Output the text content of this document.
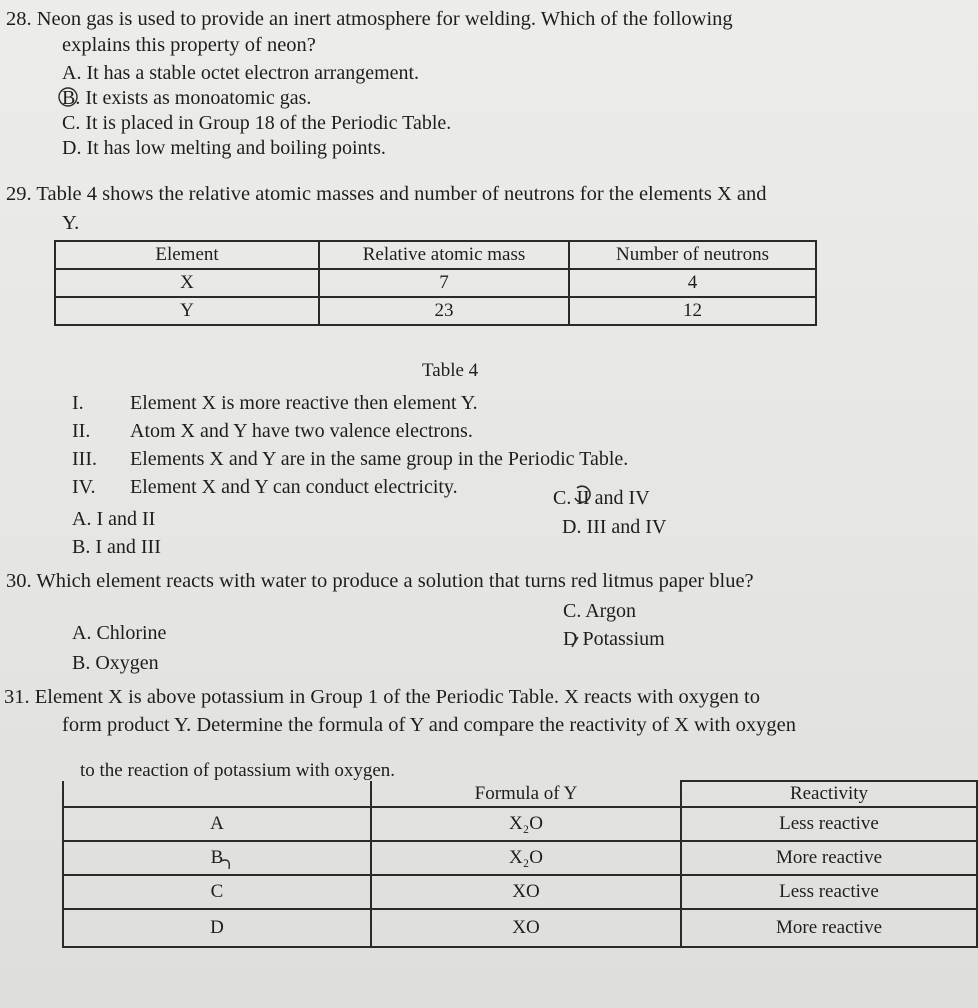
28. Neon gas is used to provide an inert atmosphere for welding. Which of the following
explains this property of neon?
A. It has a stable octet electron arrangement.
B. It exists as monoatomic gas.
C. It is placed in Group 18 of the Periodic Table.
D. It has low melting and boiling points.
29. Table 4 shows the relative atomic masses and number of neutrons for the elements X and
Y.
Element	Relative atomic mass	Number of neutrons
X	7	4
Y	23	12
Table 4
I. Element X is more reactive then element Y.
II. Atom X and Y have two valence electrons.
III. Elements X and Y are in the same group in the Periodic Table.
IV. Element X and Y can conduct electricity.
A. I and II
C. II and IV
B. I and III
D. III and IV
30. Which element reacts with water to produce a solution that turns red litmus paper blue?
C. Argon
A. Chlorine	D Potassium
B. Oxygen
31. Element X is above potassium in Group 1 of the Periodic Table. X reacts with oxygen to
form product Y. Determine the formula of Y and compare the reactivity of X with oxygen
to the reaction of potassium with oxygen.
	Formula of Y	Reactivity
A	X₂O	Less reactive
B	X₂O	More reactive
C	XO	Less reactive
D	XO	More reactive
